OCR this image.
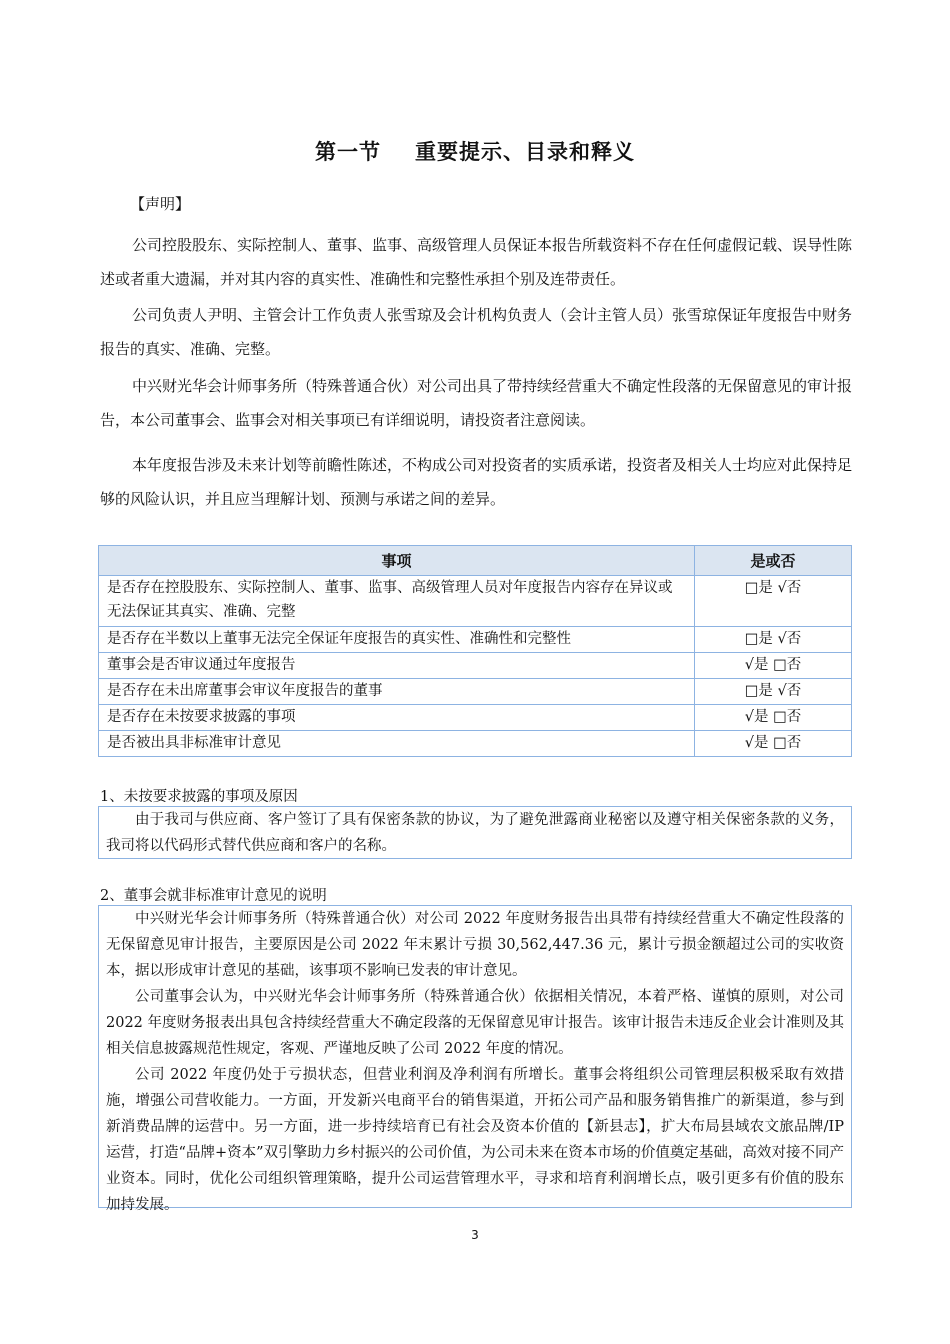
第一节 重要提示、目录和释义
【声明】
公司控股股东、实际控制人、董事、监事、高级管理人员保证本报告所载资料不存在任何虚假记载、误导性陈述或者重大遗漏，并对其内容的真实性、准确性和完整性承担个别及连带责任。
公司负责人尹明、主管会计工作负责人张雪琼及会计机构负责人（会计主管人员）张雪琼保证年度报告中财务报告的真实、准确、完整。
中兴财光华会计师事务所（特殊普通合伙）对公司出具了带持续经营重大不确定性段落的无保留意见的审计报告，本公司董事会、监事会对相关事项已有详细说明，请投资者注意阅读。
本年度报告涉及未来计划等前瞻性陈述，不构成公司对投资者的实质承诺，投资者及相关人士均应对此保持足够的风险认识，并且应当理解计划、预测与承诺之间的差异。
事项	是或否
是否存在控股股东、实际控制人、董事、监事、高级管理人员对年度报告内容存在异议或无法保证其真实、准确、完整	□是 √否
是否存在半数以上董事无法完全保证年度报告的真实性、准确性和完整性	□是 √否
董事会是否审议通过年度报告	√是 □否
是否存在未出席董事会审议年度报告的董事	□是 √否
是否存在未按要求披露的事项	√是 □否
是否被出具非标准审计意见	√是 □否
1、未按要求披露的事项及原因

由于我司与供应商、客户签订了具有保密条款的协议，为了避免泄露商业秘密以及遵守相关保密条款的义务，我司将以代码形式替代供应商和客户的名称。

2、董事会就非标准审计意见的说明

中兴财光华会计师事务所（特殊普通合伙）对公司 2022 年度财务报告出具带有持续经营重大不确定性段落的无保留意见审计报告，主要原因是公司 2022 年末累计亏损 30,562,447.36 元，累计亏损金额超过公司的实收资本，据以形成审计意见的基础，该事项不影响已发表的审计意见。

公司董事会认为，中兴财光华会计师事务所（特殊普通合伙）依据相关情况，本着严格、谨慎的原则，对公司 2022 年度财务报表出具包含持续经营重大不确定段落的无保留意见审计报告。该审计报告未违反企业会计准则及其相关信息披露规范性规定，客观、严谨地反映了公司 2022 年度的情况。

公司 2022 年度仍处于亏损状态，但营业利润及净利润有所增长。董事会将组织公司管理层积极采取有效措施，增强公司营收能力。一方面，开发新兴电商平台的销售渠道，开拓公司产品和服务销售推广的新渠道，参与到新消费品牌的运营中。另一方面，进一步持续培育已有社会及资本价值的【新县志】，扩大布局县域农文旅品牌/IP 运营，打造“品牌+资本”双引擎助力乡村振兴的公司价值，为公司未来在资本市场的价值奠定基础，高效对接不同产业资本。同时，优化公司组织管理策略，提升公司运营管理水平，寻求和培育利润增长点，吸引更多有价值的股东加持发展。

3
